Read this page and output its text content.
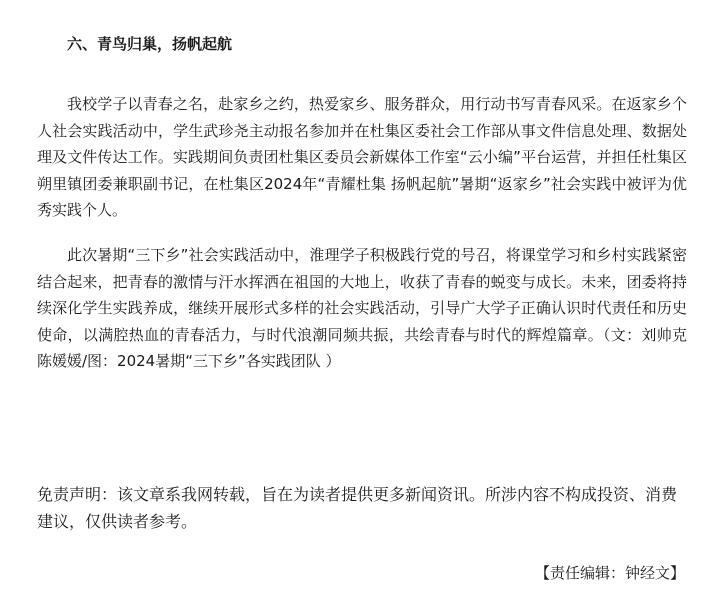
六、青鸟归巢，扬帆起航

我校学子以青春之名，赴家乡之约，热爱家乡、服务群众，用行动书写青春风采。在返家乡个人社会实践活动中，学生武珍尧主动报名参加并在杜集区委社会工作部从事文件信息处理、数据处理及文件传达工作。实践期间负责团杜集区委员会新媒体工作室“云小编”平台运营，并担任杜集区朔里镇团委兼职副书记，在杜集区2024年“青耀杜集 扬帆起航”暑期“返家乡”社会实践中被评为优秀实践个人。

此次暑期“三下乡”社会实践活动中，淮理学子积极践行党的号召，将课堂学习和乡村实践紧密结合起来，把青春的激情与汗水挥洒在祖国的大地上，收获了青春的蜕变与成长。未来，团委将持续深化学生实践养成，继续开展形式多样的社会实践活动，引导广大学子正确认识时代责任和历史使命，以满腔热血的青春活力，与时代浪潮同频共振，共绘青春与时代的辉煌篇章。（文：刘帅克 陈媛媛/图：2024暑期“三下乡”各实践团队 ）

免责声明：该文章系我网转载，旨在为读者提供更多新闻资讯。所涉内容不构成投资、消费建议，仅供读者参考。

【责任编辑：钟经文】
